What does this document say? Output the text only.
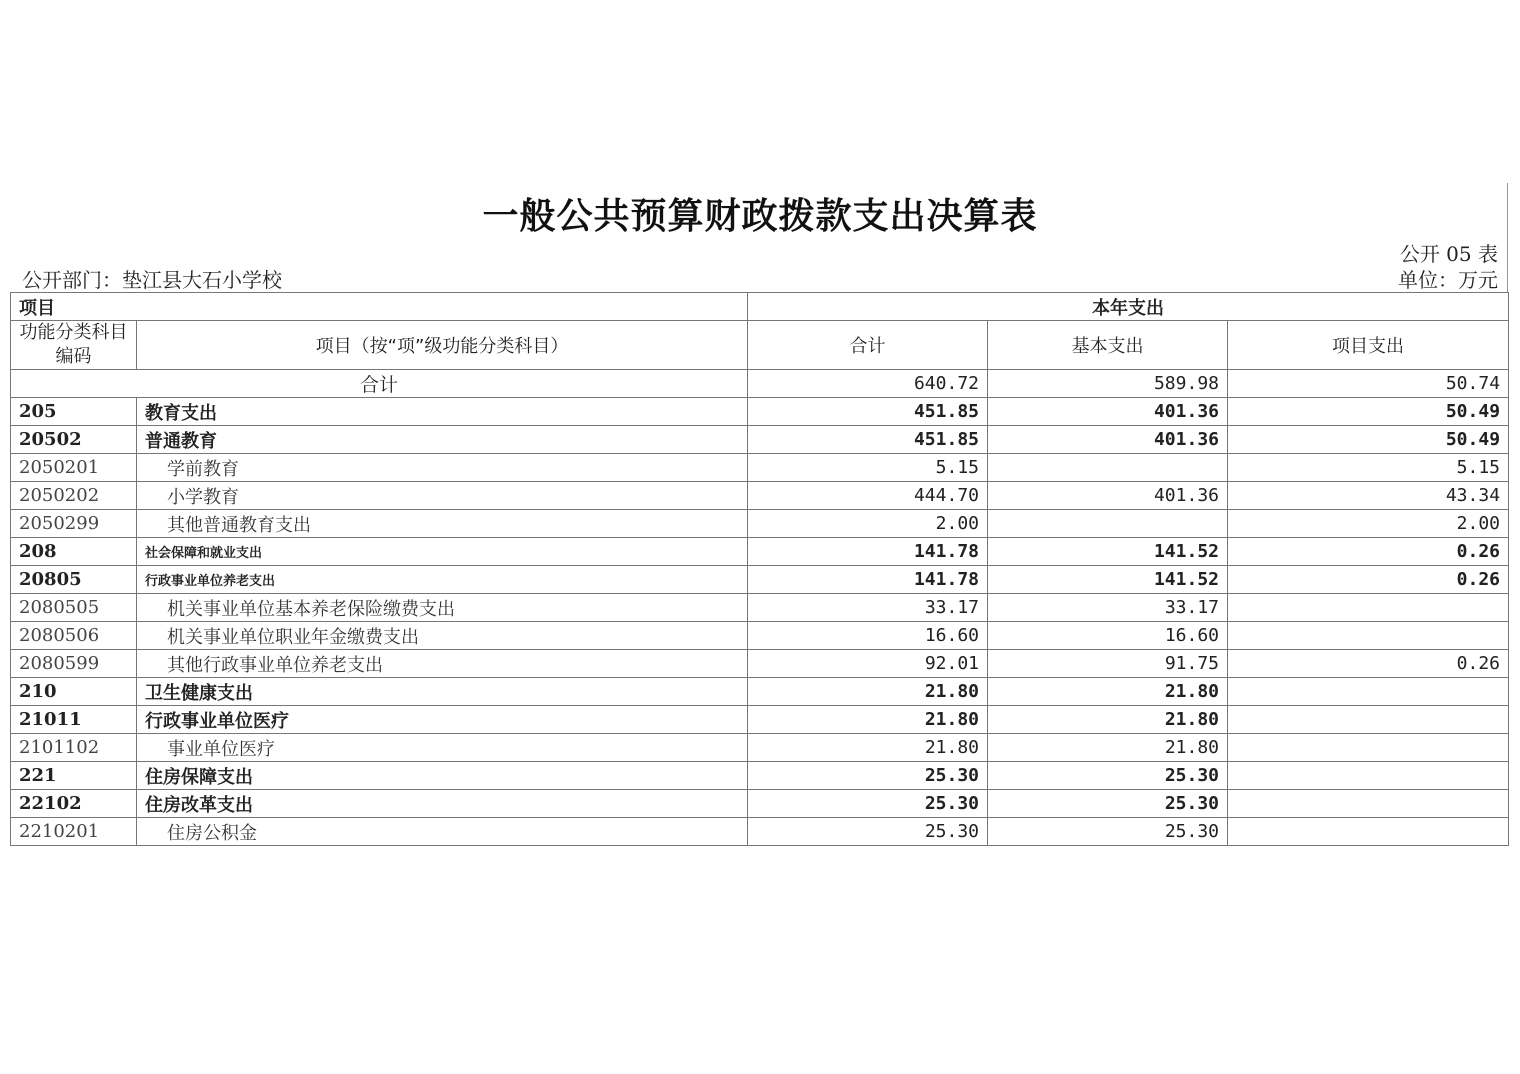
一般公共预算财政拨款支出决算表
公开 05 表
公开部门：垫江县大石小学校	单位：万元
项目		本年支出		
功能分类科目编码	项目（按“项”级功能分类科目）	合计	基本支出	项目支出
合计		640.72	589.98	50.74
205	教育支出	451.85	401.36	50.49
20502	普通教育	451.85	401.36	50.49
2050201	学前教育	5.15		5.15
2050202	小学教育	444.70	401.36	43.34
2050299	其他普通教育支出	2.00		2.00
208	社会保障和就业支出	141.78	141.52	0.26
20805	行政事业单位养老支出	141.78	141.52	0.26
2080505	机关事业单位基本养老保险缴费支出	33.17	33.17	
2080506	机关事业单位职业年金缴费支出	16.60	16.60	
2080599	其他行政事业单位养老支出	92.01	91.75	0.26
210	卫生健康支出	21.80	21.80	
21011	行政事业单位医疗	21.80	21.80	
2101102	事业单位医疗	21.80	21.80	
221	住房保障支出	25.30	25.30	
22102	住房改革支出	25.30	25.30	
2210201	住房公积金	25.30	25.30	
